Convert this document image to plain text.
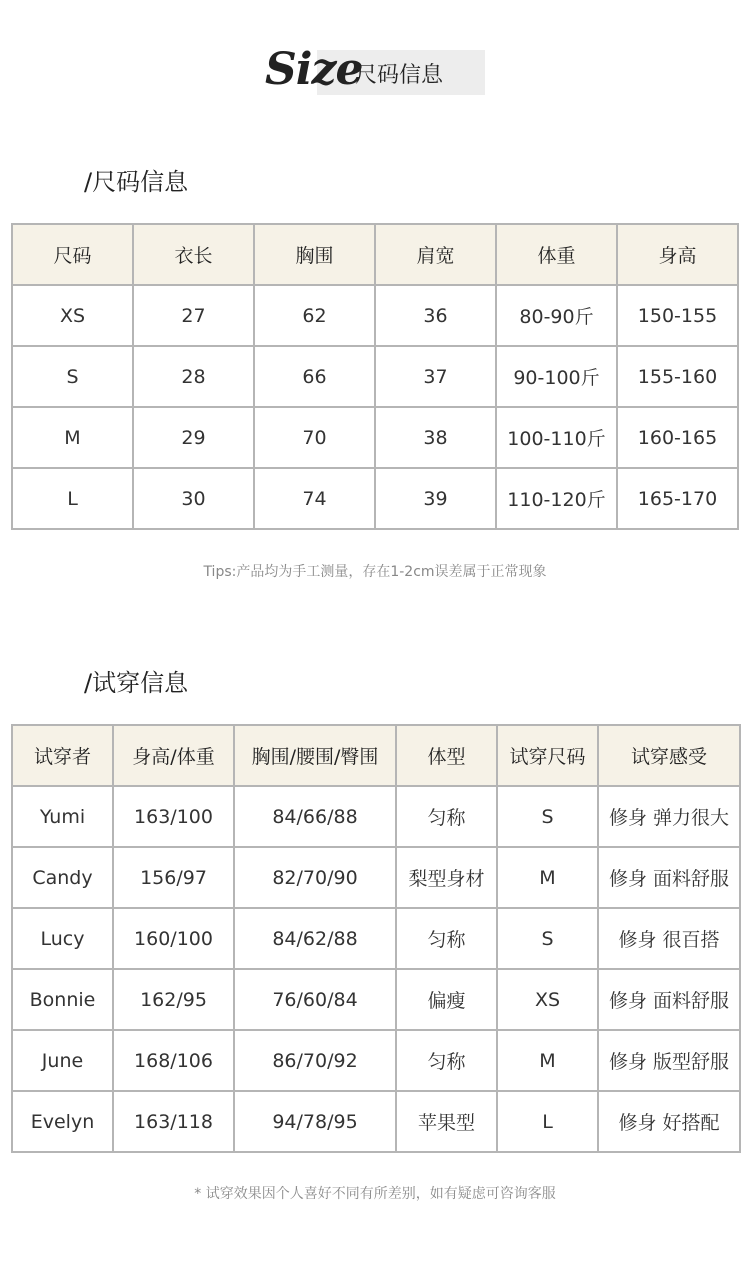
Size
尺码信息
/尺码信息
尺码	衣长	胸围	肩宽	体重	身高
XS	27	62	36	80-90斤	150-155
S	28	66	37	90-100斤	155-160
M	29	70	38	100-110斤	160-165
L	30	74	39	110-120斤	165-170
Tips:产品均为手工测量，存在1-2cm误差属于正常现象
/试穿信息
试穿者	身高/体重	胸围/腰围/臀围	体型	试穿尺码	试穿感受
Yumi	163/100	84/66/88	匀称	S	修身 弹力很大
Candy	156/97	82/70/90	梨型身材	M	修身 面料舒服
Lucy	160/100	84/62/88	匀称	S	修身 很百搭
Bonnie	162/95	76/60/84	偏瘦	XS	修身 面料舒服
June	168/106	86/70/92	匀称	M	修身 版型舒服
Evelyn	163/118	94/78/95	苹果型	L	修身 好搭配
* 试穿效果因个人喜好不同有所差别，如有疑虑可咨询客服
